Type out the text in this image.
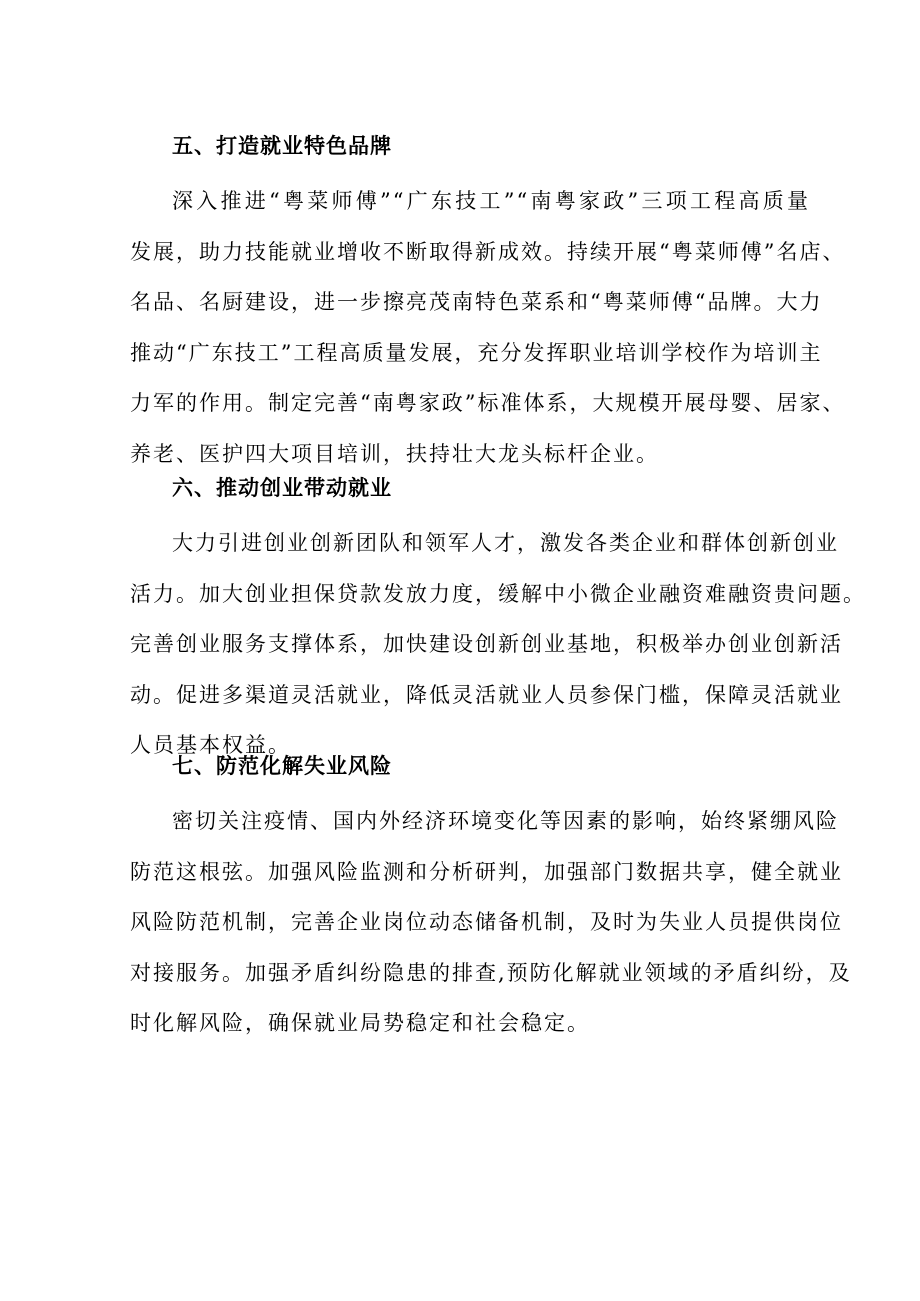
五、打造就业特色品牌
深入推进“粤菜师傅”“广东技工”“南粤家政”三项工程高质量
发展，助力技能就业增收不断取得新成效。持续开展“粤菜师傅”名店、
名品、名厨建设，进一步擦亮茂南特色菜系和“粤菜师傅“品牌。大力
推动“广东技工”工程高质量发展，充分发挥职业培训学校作为培训主
力军的作用。制定完善“南粤家政”标准体系，大规模开展母婴、居家、
养老、医护四大项目培训，扶持壮大龙头标杆企业。
六、推动创业带动就业
大力引进创业创新团队和领军人才，激发各类企业和群体创新创业
活力。加大创业担保贷款发放力度，缓解中小微企业融资难融资贵问题。
完善创业服务支撑体系，加快建设创新创业基地，积极举办创业创新活
动。促进多渠道灵活就业，降低灵活就业人员参保门槛，保障灵活就业
人员基本权益。
七、防范化解失业风险
密切关注疫情、国内外经济环境变化等因素的影响，始终紧绷风险
防范这根弦。加强风险监测和分析研判，加强部门数据共享，健全就业
风险防范机制，完善企业岗位动态储备机制，及时为失业人员提供岗位
对接服务。加强矛盾纠纷隐患的排查,预防化解就业领域的矛盾纠纷，及
时化解风险，确保就业局势稳定和社会稳定。
